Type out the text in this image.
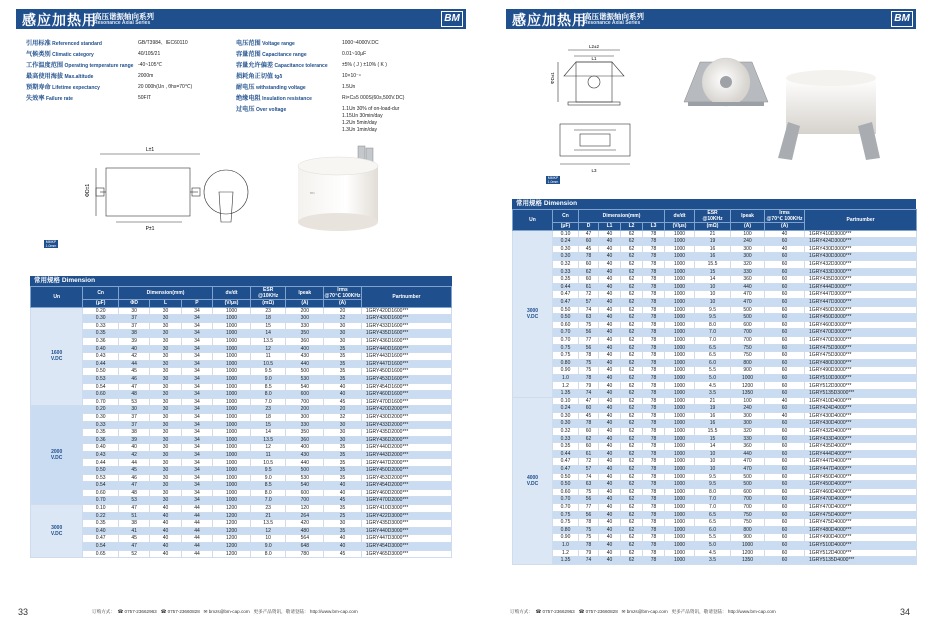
感应加热用
高压谐振轴向系列
Resonance Axial Series	BM
引用标准 Referenced standard	GB/T3984、IEC60110
气候类别 Climatic category	40/105/21
工作温度范围 Operating temperature range -40~105℃
最高使用海拔 Max.altitude	2000m
预期寿命 Lifetime expectancy	20 000h(Un , θhs=70℃)
失效率 Failure rate	50FIT
电压范围 Voltage range	1000~4000V.DC
容量范围 Capacitance range	0.01~10μF
容量允许偏差 Capacitance tolerance	±5% ( J ) ±10% ( K )
损耗角正切值 tgδ	10×10⁻⁴
耐电压 withstanding voltage	1.5Un
绝缘电阻 Insulation resistance	Ri×C≥5 000S(60s,500V.DC)
过电压 Over voltage	1.1Un 30% of on-load-dur
1.15Un 30min/day
1.2Un 5min/day
1.3Un 1min/day
L±1
P±1
ΦD±1	BM
MMKP 1.0mm
常用规格 Dimension
Un	Cn	Dimension(mm)			dv/dt	ESR
@10KHz	Ipeak	Irms
@70℃ 100KHz	Partnumber
	(μF)	ΦD	L	P	(V/μs)	(mΩ)	(A)	(A)	

1600
V.DC	0.20	30	30	34	1000	23	200	20	1GRY420D1600***
	0.30	37	30	34	1000	18	300	32	1GRY430D1600***
	0.33	37	30	34	1000	15	330	30	1GRY433D1600***
	0.35	38	30	34	1000	14	350	30	1GRY435D1600***
	0.36	39	30	34	1000	13.5	360	30	1GRY436D1600***
	0.40	40	30	34	1000	12	400	35	1GRY440D1600***
	0.43	42	30	34	1000	11	430	35	1GRY443D1600***
	0.44	44	30	34	1000	10.5	440	35	1GRY447D1600***
	0.50	45	30	34	1000	9.5	500	35	1GRY450D1600***
	0.53	46	30	34	1000	9.0	530	35	1GRY453D1600***
	0.54	47	30	34	1000	8.5	540	40	1GRY454D1600***
	0.60	48	30	34	1000	8.0	600	40	1GRY460D1600***
	0.70	53	30	34	1000	7.0	700	45	1GRY470D1600***

2000
V.DC	0.20	30	30	34	1000	23	200	20	1GRY420D2000***
	0.30	37	30	34	1000	18	300	32	1GRY430D2000***
	0.33	37	30	34	1000	15	330	30	1GRY433D2000***
	0.35	38	30	34	1000	14	350	30	1GRY435D2000***
	0.36	39	30	34	1000	13.5	360	30	1GRY436D2000***
	0.40	40	30	34	1000	12	400	35	1GRY440D2000***
	0.43	42	30	34	1000	11	430	35	1GRY443D2000***
	0.44	44	30	34	1000	10.5	440	35	1GRY447D2000***
	0.50	45	30	34	1000	9.5	500	35	1GRY450D2000***
	0.53	46	30	34	1000	9.0	530	35	1GRY453D2000***
	0.54	47	30	34	1000	8.5	540	40	1GRY454D2000***
	0.60	48	30	34	1000	8.0	600	40	1GRY460D2000***
	0.70	53	30	34	1000	7.0	700	45	1GRY470D2000***

3000
V.DC	0.10	47	40	44	1200	23	120	35	1GRY410D3000***
	0.22	51	40	44	1200	21	264	25	1GRY422D3000***
	0.35	38	40	44	1200	13.5	420	30	1GRY435D3000***
	0.40	41	40	44	1200	12	480	35	1GRY440D3000***
	0.47	45	40	44	1200	10	564	40	1GRY447D3000***
	0.54	47	40	44	1200	9.0	648	40	1GRY454D3000***
	0.65	52	40	44	1200	8.0	780	45	1GRY465D3000***
33	订购方式： ☎ 0757-23662963 ☎ 0757-23660828 ✉ bmzs@bm-cap.com 更多产品资讯，敬请登陆： http://www.bm-cap.com
感应加热用
高压谐振轴向系列
Resonance Axial Series	BM
L2±2
L1
ΦD±1
L3
MMKP 1.0mm
常用规格 Dimension
Un	Cn	Dimension(mm)				dv/dt	ESR
@10KHz	Ipeak	Irms
@70℃ 100KHz	Partnumber
	(μF)	D	L1	L2	L3	(V/μs)	(mΩ)	(A)	(A)	

3000
V.DC	0.10	47	40	62	78	1000	21	100	40	1GRY410D3000***
	0.24	60	40	62	78	1000	19	240	60	1GRY424D3000***
	0.30	45	40	62	78	1000	16	300	40	1GRY430D3000***
	0.30	78	40	62	78	1000	16	300	60	1GRY430D3000***
	0.32	60	40	62	78	1000	15.5	320	60	1GRY432D3000***
	0.33	62	40	62	78	1000	15	330	60	1GRY433D3000***
	0.35	60	40	62	78	1000	14	360	60	1GRY435D3000***
	0.44	61	40	62	78	1000	10	440	60	1GRY444D3000***
	0.47	72	40	62	78	1000	10	470	60	1GRY447D3000***
	0.47	57	40	62	78	1000	10	470	60	1GRY447D3000***
	0.50	74	40	62	78	1000	9.5	500	60	1GRY450D3000***
	0.50	63	40	62	78	1000	9.5	500	60	1GRY450D3000***
	0.60	75	40	62	78	1000	8.0	600	60	1GRY460D3000***
	0.70	56	40	62	78	1000	7.0	700	60	1GRY470D3000***
	0.70	77	40	62	78	1000	7.0	700	60	1GRY470D3000***
	0.75	56	40	62	78	1000	6.5	750	60	1GRY475D3000***
	0.75	78	40	62	78	1000	6.5	750	60	1GRY475D3000***
	0.80	75	40	62	78	1000	6.0	800	60	1GRY480D3000***
	0.90	75	40	62	78	1000	5.5	900	60	1GRY490D3000***
	1.0	78	40	62	78	1000	5.0	1000	60	1GRY510D3000***
	1.2	79	40	62	78	1000	4.5	1200	60	1GRY512D3000***
	1.35	74	40	62	78	1000	3.5	1350	60	1GRY5135D3000***

4000
V.DC	0.10	47	40	62	78	1000	21	100	40	1GRY410D4000***
	0.24	60	40	62	78	1000	19	240	60	1GRY424D4000***
	0.30	45	40	62	78	1000	16	300	40	1GRY430D4000***
	0.30	78	40	62	78	1000	16	300	60	1GRY430D4000***
	0.32	60	40	62	78	1000	15.5	320	60	1GRY432D4000***
	0.33	62	40	62	78	1000	15	330	60	1GRY433D4000***
	0.35	60	40	62	78	1000	14	360	60	1GRY435D4000***
	0.44	61	40	62	78	1000	10	440	60	1GRY444D4000***
	0.47	72	40	62	78	1000	10	470	60	1GRY447D4000***
	0.47	57	40	62	78	1000	10	470	60	1GRY447D4000***
	0.50	74	40	62	78	1000	9.5	500	60	1GRY450D4000***
	0.50	63	40	62	78	1000	9.5	500	60	1GRY450D4000***
	0.60	75	40	62	78	1000	8.0	600	60	1GRY460D4000***
	0.70	56	40	62	78	1000	7.0	700	60	1GRY470D4000***
	0.70	77	40	62	78	1000	7.0	700	60	1GRY470D4000***
	0.75	56	40	62	78	1000	6.5	750	60	1GRY475D4000***
	0.75	78	40	62	78	1000	6.5	750	60	1GRY475D4000***
	0.80	75	40	62	78	1000	6.0	800	60	1GRY480D4000***
	0.90	75	40	62	78	1000	5.5	900	60	1GRY490D4000***
	1.0	78	40	62	78	1000	5.0	1000	60	1GRY510D4000***
	1.2	79	40	62	78	1000	4.5	1200	60	1GRY512D4000***
	1.35	74	40	62	78	1000	3.5	1350	60	1GRY5135D4000***
订购方式： ☎ 0757-23662963 ☎ 0757-23660828 ✉ bmzs@bm-cap.com 更多产品资讯，敬请登陆： http://www.bm-cap.com	34
